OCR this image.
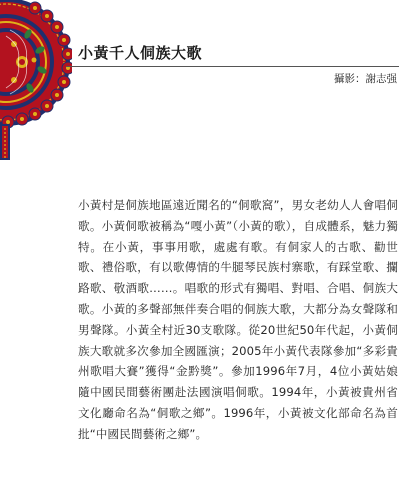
小黃千人侗族大歌
攝影：謝志强

小黃村是侗族地區遠近聞名的“侗歌窩”，男女老幼人人會唱侗歌。小黃侗歌被稱為“嘎小黃”（小黃的歌），自成體系，魅力獨特。在小黃，事事用歌，處處有歌。有侗家人的古歌、勸世歌、禮俗歌，有以歌傳情的牛腿琴民族村寨歌，有踩堂歌、攔路歌、敬酒歌……。唱歌的形式有獨唱、對唱、合唱、侗族大歌。小黃的多聲部無伴奏合唱的侗族大歌，大都分為女聲隊和男聲隊。小黃全村近30支歌隊。從20世紀50年代起，小黃侗族大歌就多次參加全國匯演；2005年小黃代表隊參加“多彩貴州歌唱大賽”獲得“金黔獎”。參加1996年7月，4位小黃姑娘隨中國民間藝術團赴法國演唱侗歌。1994年，小黃被貴州省文化廳命名為“侗歌之鄉”。1996年，小黃被文化部命名為首批“中國民間藝術之鄉”。
